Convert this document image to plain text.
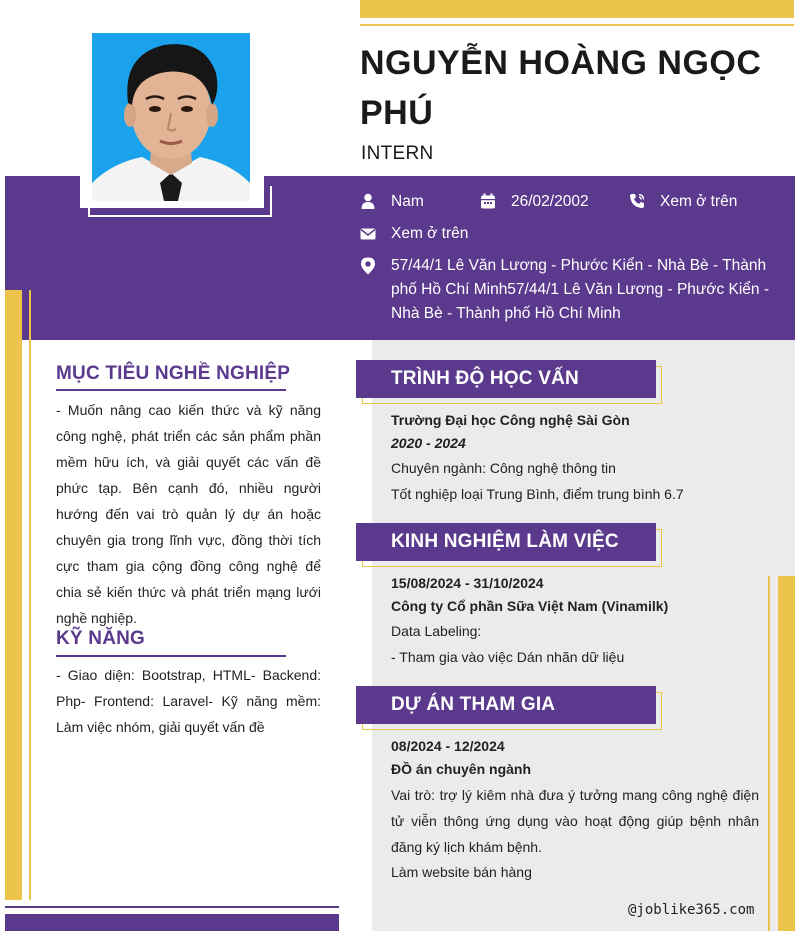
NGUYỄN HOÀNG NGỌC PHÚ
INTERN
Nam	26/02/2002	Xem ở trên
Xem ở trên
57/44/1 Lê Văn Lương - Phước Kiển - Nhà Bè - Thành phố Hồ Chí Minh57/44/1 Lê Văn Lương - Phước Kiển - Nhà Bè - Thành phố Hồ Chí Minh
MỤC TIÊU NGHỀ NGHIỆP
- Muốn nâng cao kiến thức và kỹ năng công nghệ, phát triển các sản phẩm phần mềm hữu ích, và giải quyết các vấn đề phức tạp. Bên cạnh đó, nhiều người hướng đến vai trò quản lý dự án hoặc chuyên gia trong lĩnh vực, đồng thời tích cực tham gia cộng đồng công nghệ để chia sẻ kiến thức và phát triển mạng lưới nghề nghiệp.
KỸ NĂNG
- Giao diện: Bootstrap, HTML- Backend: Php- Frontend: Laravel- Kỹ năng mềm: Làm việc nhóm, giải quyết vấn đề
TRÌNH ĐỘ HỌC VẤN
Trường Đại học Công nghệ Sài Gòn
2020 - 2024
Chuyên ngành: Công nghệ thông tin
Tốt nghiệp loại Trung Bình, điểm trung bình 6.7
KINH NGHIỆM LÀM VIỆC
15/08/2024 - 31/10/2024
Công ty Cổ phần Sữa Việt Nam (Vinamilk)
Data Labeling:
- Tham gia vào việc Dán nhãn dữ liệu
DỰ ÁN THAM GIA
08/2024 - 12/2024
ĐỒ án chuyên ngành
Vai trò: trợ lý kiêm nhà đưa ý tưởng mang công nghệ điện tử viễn thông ứng dụng vào hoạt động giúp bệnh nhân đăng ký lịch khám bệnh.
Làm website bán hàng
@joblike365.com
